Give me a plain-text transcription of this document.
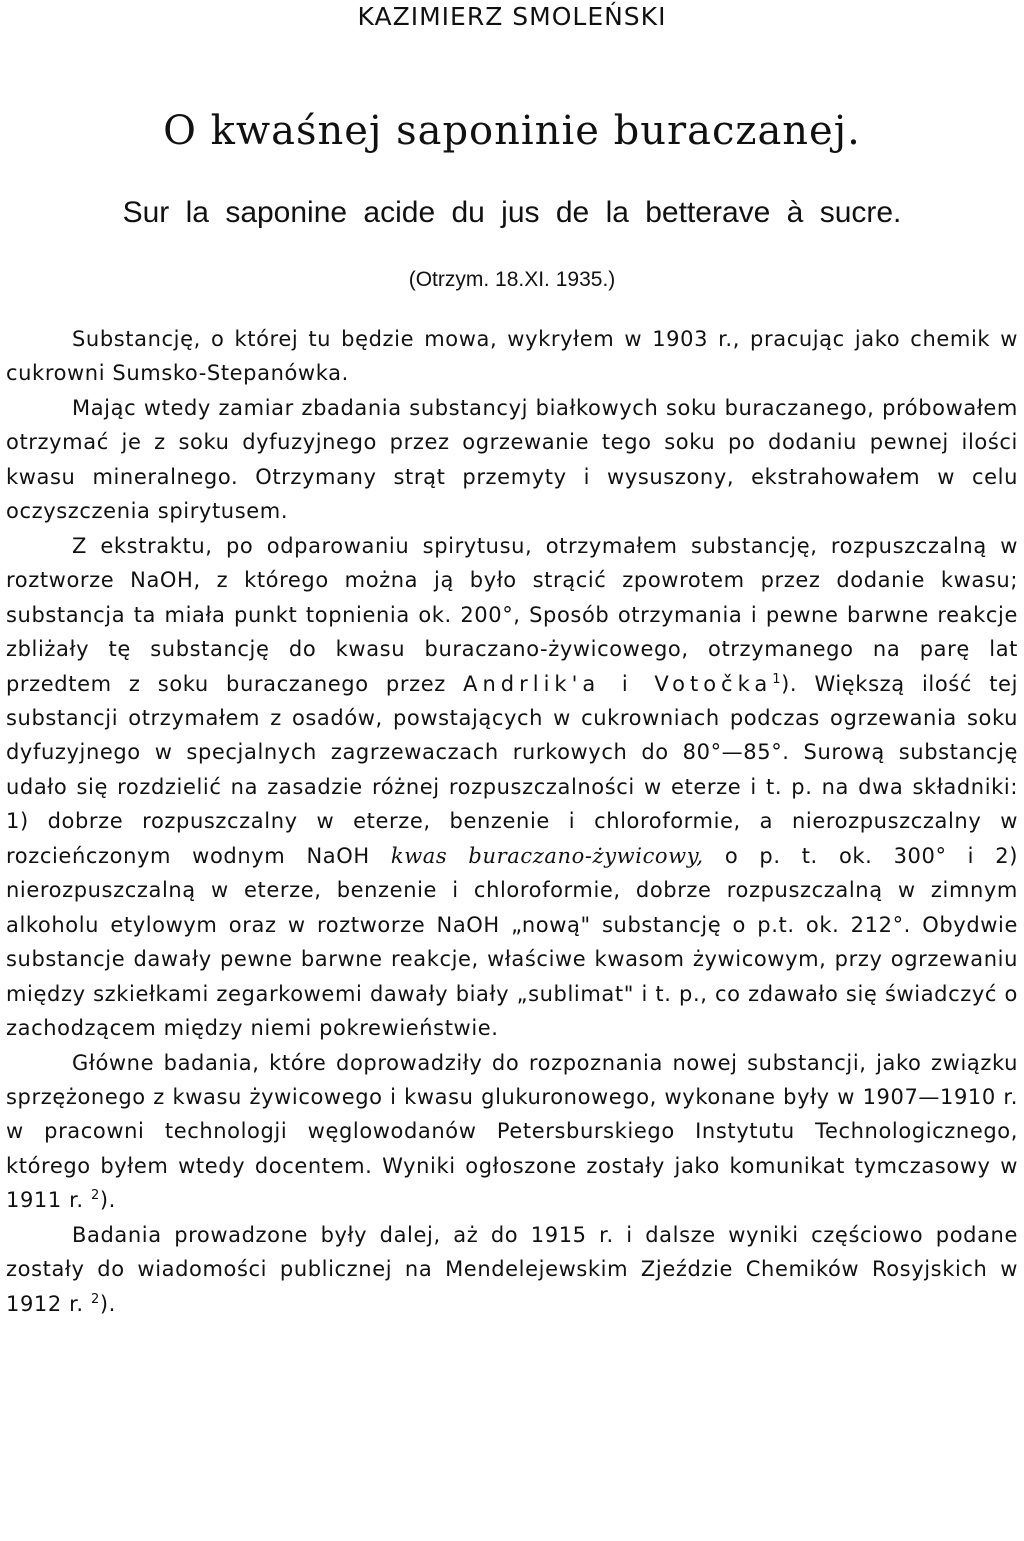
KAZIMIERZ SMOLEŃSKI
O kwaśnej saponinie buraczanej.
Sur la saponine acide du jus de la betterave à sucre.
(Otrzym. 18.XI. 1935.)

Substancję, o której tu będzie mowa, wykryłem w 1903 r., pracując jako chemik w cukrowni Sumsko-Stepanówka.

Mając wtedy zamiar zbadania substancyj białkowych soku buraczanego, próbowałem otrzymać je z soku dyfuzyjnego przez ogrzewanie tego soku po dodaniu pewnej ilości kwasu mineralnego. Otrzymany strąt przemyty i wysuszony, ekstrahowałem w celu oczyszczenia spirytusem.

Z ekstraktu, po odparowaniu spirytusu, otrzymałem substancję, rozpuszczalną w roztworze NaOH, z którego można ją było strącić zpowrotem przez dodanie kwasu; substancja ta miała punkt topnienia ok. 200°, Sposób otrzymania i pewne barwne reakcje zbliżały tę substancję do kwasu buraczano-żywicowego, otrzymanego na parę lat przedtem z soku buraczanego przez Andrlik'a i Votočka$^1$). Większą ilość tej substancji otrzymałem z osadów, powstających w cukrowniach podczas ogrzewania soku dyfuzyjnego w specjalnych zagrzewaczach rurkowych do 80°—85°. Surową substancję udało się rozdzielić na zasadzie różnej rozpuszczalności w eterze i t. p. na dwa składniki: 1) dobrze rozpuszczalny w eterze, benzenie i chloroformie, a nierozpuszczalny w rozcieńczonym wodnym NaOH kwas buraczano-żywicowy, o p. t. ok. 300° i 2) nierozpuszczalną w eterze, benzenie i chloroformie, dobrze rozpuszczalną w zimnym alkoholu etylowym oraz w roztworze NaOH „nową" substancję o p.t. ok. 212°. Obydwie substancje dawały pewne barwne reakcje, właściwe kwasom żywicowym, przy ogrzewaniu między szkiełkami zegarkowemi dawały biały „sublimat" i t. p., co zdawało się świadczyć o zachodzącem między niemi pokrewieństwie.

Główne badania, które doprowadziły do rozpoznania nowej substancji, jako związku sprzężonego z kwasu żywicowego i kwasu glukuronowego, wykonane były w 1907—1910 r. w pracowni technologji węglowodanów Petersburskiego Instytutu Technologicznego, którego byłem wtedy docentem. Wyniki ogłoszone zostały jako komunikat tymczasowy w 1911 r. $^2$).

Badania prowadzone były dalej, aż do 1915 r. i dalsze wyniki częściowo podane zostały do wiadomości publicznej na Mendelejewskim Zjeździe Chemików Rosyjskich w 1912 r. $^2$).
